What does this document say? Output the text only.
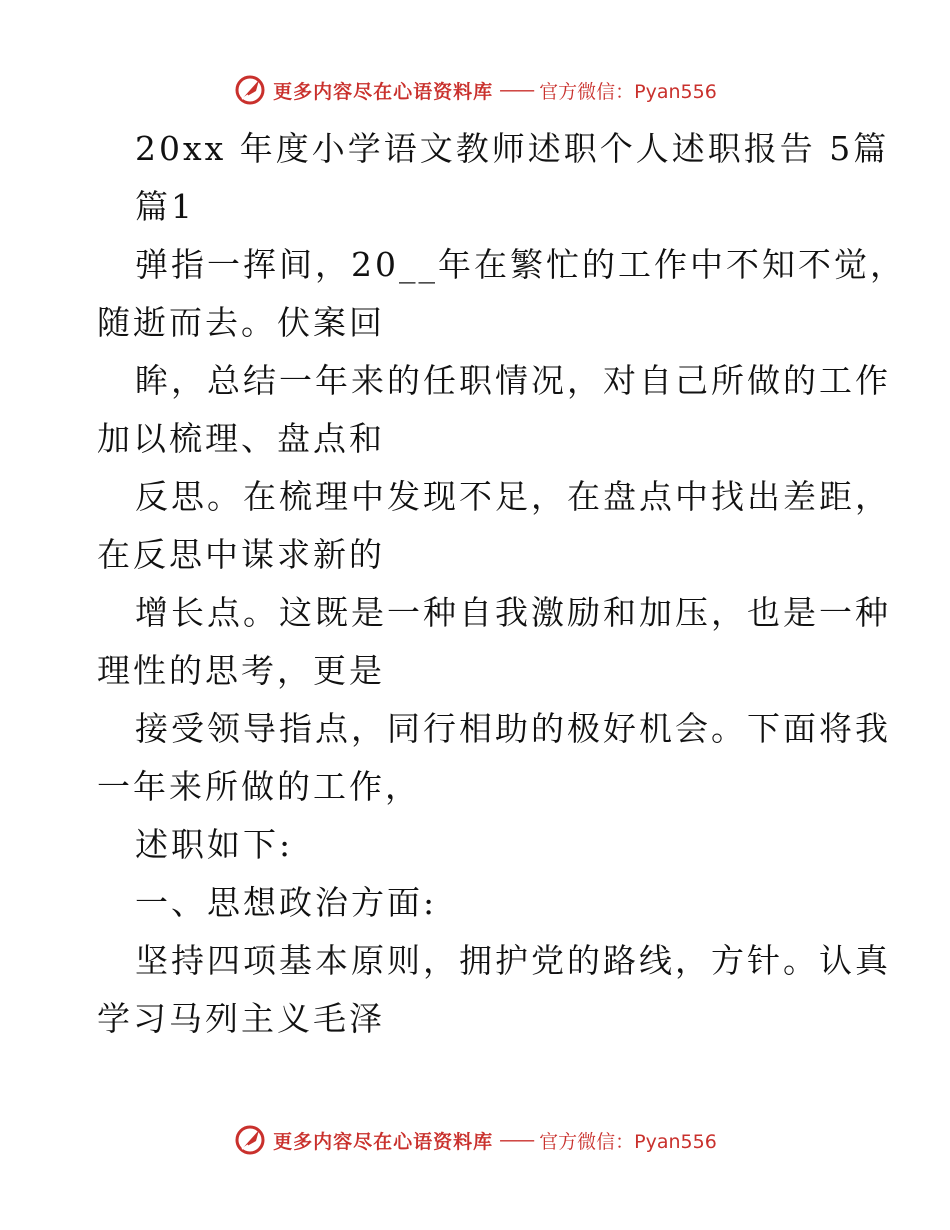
更多内容尽在心语资料库 —— 官方微信：Pyan556
20xx 年度小学语文教师述职个人述职报告 5篇
篇1
弹指一挥间，20__年在繁忙的工作中不知不觉，
随逝而去。伏案回
眸，总结一年来的任职情况，对自己所做的工作
加以梳理、盘点和
反思。在梳理中发现不足，在盘点中找出差距，
在反思中谋求新的
增长点。这既是一种自我激励和加压，也是一种
理性的思考，更是
接受领导指点，同行相助的极好机会。下面将我
一年来所做的工作，
述职如下:
一、思想政治方面:
坚持四项基本原则，拥护党的路线，方针。认真
学习马列主义毛泽
更多内容尽在心语资料库 —— 官方微信：Pyan556
